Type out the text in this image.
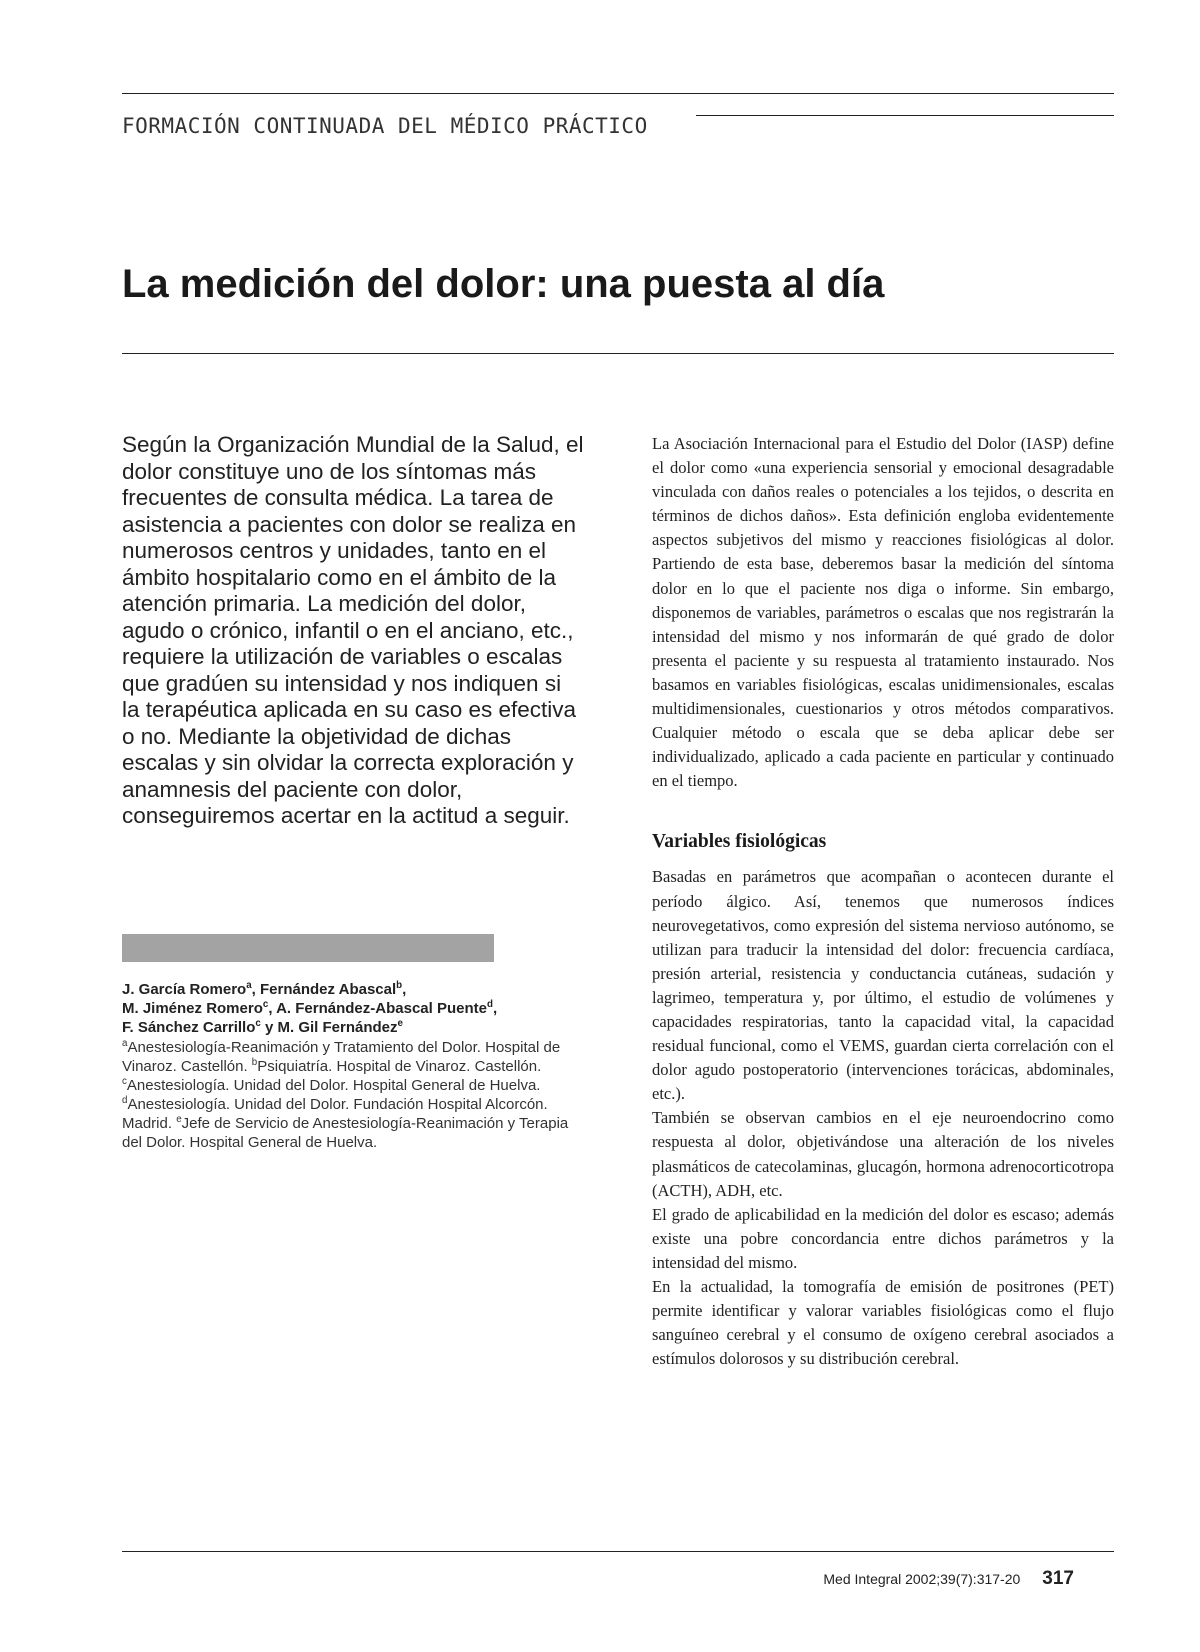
FORMACIÓN CONTINUADA DEL MÉDICO PRÁCTICO
La medición del dolor: una puesta al día

Según la Organización Mundial de la Salud, el dolor constituye uno de los síntomas más frecuentes de consulta médica. La tarea de asistencia a pacientes con dolor se realiza en numerosos centros y unidades, tanto en el ámbito hospitalario como en el ámbito de la atención primaria. La medición del dolor, agudo o crónico, infantil o en el anciano, etc., requiere la utilización de variables o escalas que gradúen su intensidad y nos indiquen si la terapéutica aplicada en su caso es efectiva o no. Mediante la objetividad de dichas escalas y sin olvidar la correcta exploración y anamnesis del paciente con dolor, conseguiremos acertar en la actitud a seguir.

J. García Romero$^a$, Fernández Abascal$^b$,
M. Jiménez Romero$^c$, A. Fernández-Abascal Puente$^d$,
F. Sánchez Carrillo$^c$ y M. Gil Fernández$^e$

$^a$Anestesiología-Reanimación y Tratamiento del Dolor. Hospital de Vinaroz. Castellón. $^b$Psiquiatría. Hospital de Vinaroz. Castellón. $^c$Anestesiología. Unidad del Dolor. Hospital General de Huelva. $^d$Anestesiología. Unidad del Dolor. Fundación Hospital Alcorcón. Madrid. $^e$Jefe de Servicio de Anestesiología-Reanimación y Terapia del Dolor. Hospital General de Huelva.

La Asociación Internacional para el Estudio del Dolor (IASP) define el dolor como «una experiencia sensorial y emocional desagradable vinculada con daños reales o potenciales a los tejidos, o descrita en términos de dichos daños». Esta definición engloba evidentemente aspectos subjetivos del mismo y reacciones fisiológicas al dolor. Partiendo de esta base, deberemos basar la medición del síntoma dolor en lo que el paciente nos diga o informe. Sin embargo, disponemos de variables, parámetros o escalas que nos registrarán la intensidad del mismo y nos informarán de qué grado de dolor presenta el paciente y su respuesta al tratamiento instaurado. Nos basamos en variables fisiológicas, escalas unidimensionales, escalas multidimensionales, cuestionarios y otros métodos comparativos. Cualquier método o escala que se deba aplicar debe ser individualizado, aplicado a cada paciente en particular y continuado en el tiempo.

Variables fisiológicas

Basadas en parámetros que acompañan o acontecen durante el período álgico. Así, tenemos que numerosos índices neurovegetativos, como expresión del sistema nervioso autónomo, se utilizan para traducir la intensidad del dolor: frecuencia cardíaca, presión arterial, resistencia y conductancia cutáneas, sudación y lagrimeo, temperatura y, por último, el estudio de volúmenes y capacidades respiratorias, tanto la capacidad vital, la capacidad residual funcional, como el VEMS, guardan cierta correlación con el dolor agudo postoperatorio (intervenciones torácicas, abdominales, etc.).

También se observan cambios en el eje neuroendocrino como respuesta al dolor, objetivándose una alteración de los niveles plasmáticos de catecolaminas, glucagón, hormona adrenocorticotropa (ACTH), ADH, etc.

El grado de aplicabilidad en la medición del dolor es escaso; además existe una pobre concordancia entre dichos parámetros y la intensidad del mismo.

En la actualidad, la tomografía de emisión de positrones (PET) permite identificar y valorar variables fisiológicas como el flujo sanguíneo cerebral y el consumo de oxígeno cerebral asociados a estímulos dolorosos y su distribución cerebral.

Med Integral 2002;39(7):317-20 317
